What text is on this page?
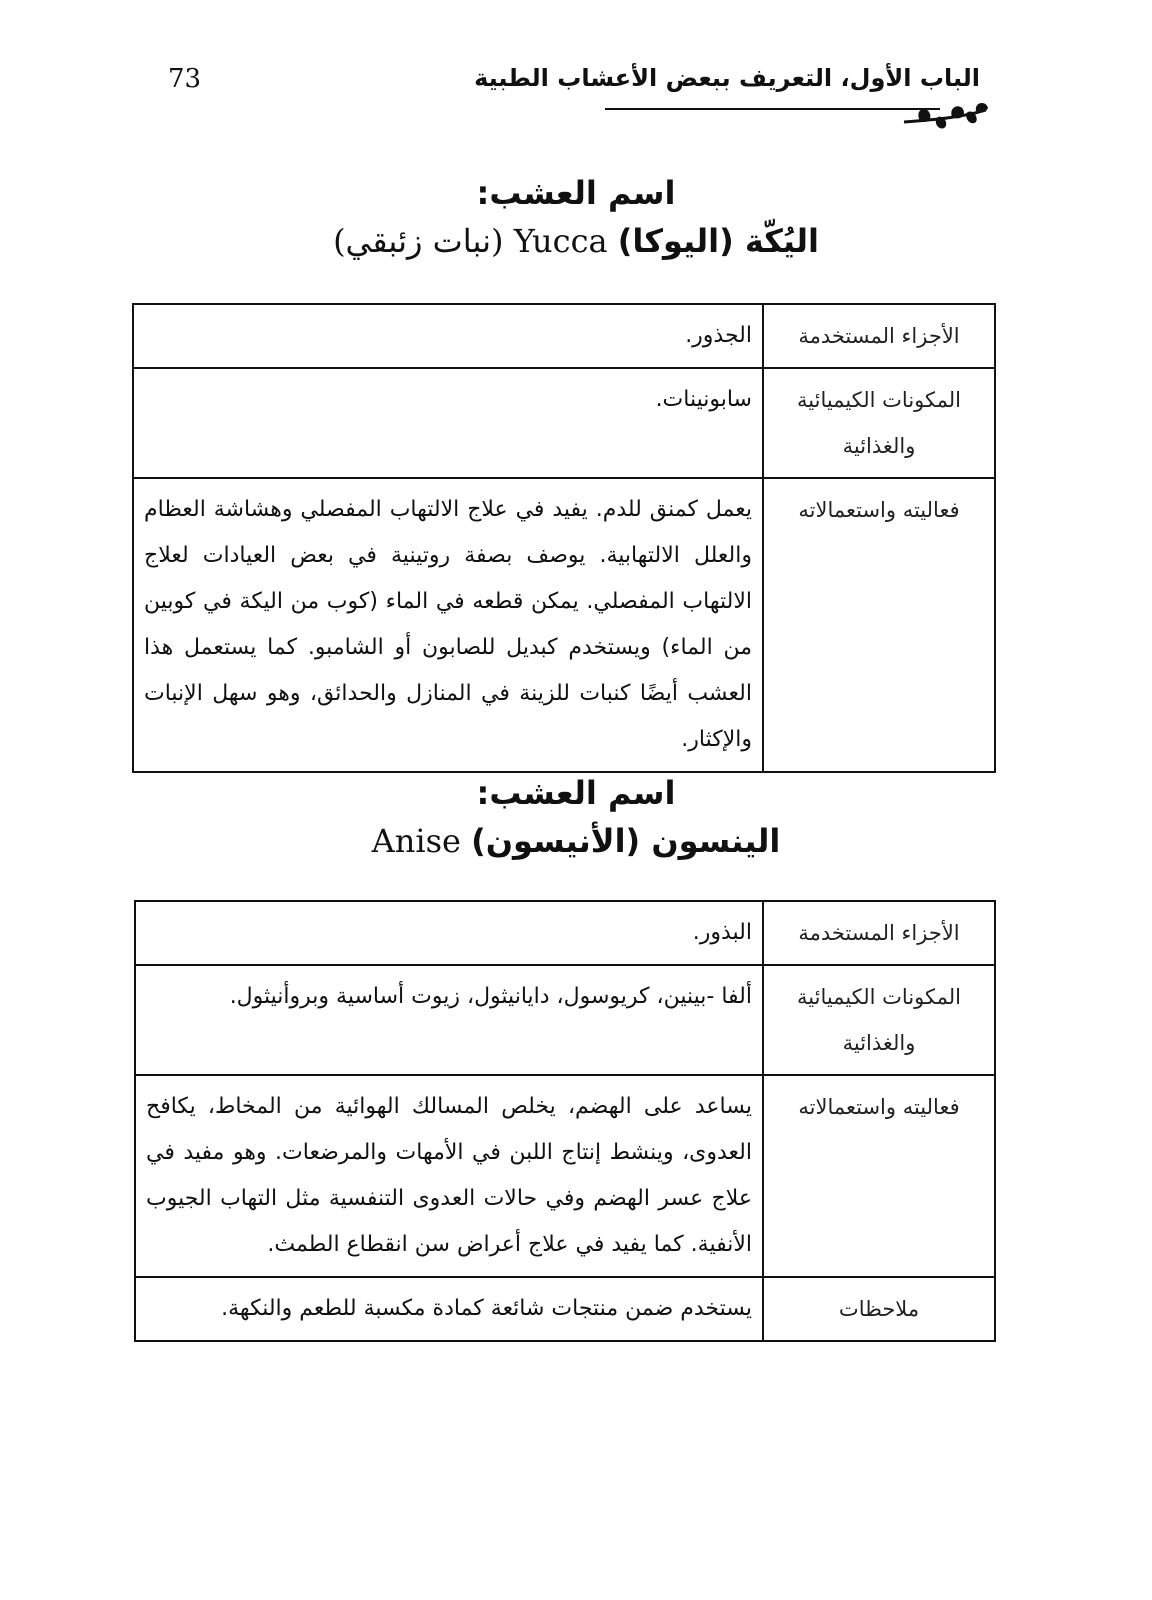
73	الباب الأول، التعريف ببعض الأعشاب الطبية
اسم العشب:
اليُكّة (اليوكا) Yucca (نبات زئبقي)
الأجزاء المستخدمة	الجذور.
المكونات الكيميائية والغذائية	سابونينات.
فعاليته واستعمالاته	يعمل كمنق للدم. يفيد في علاج الالتهاب المفصلي وهشاشة العظام والعلل الالتهابية. يوصف بصفة روتينية في بعض العيادات لعلاج الالتهاب المفصلي. يمكن قطعه في الماء (كوب من اليكة في كوبين من الماء) ويستخدم كبديل للصابون أو الشامبو. كما يستعمل هذا العشب أيضًا كنبات للزينة في المنازل والحدائق، وهو سهل الإنبات والإكثار.
اسم العشب:
الينسون (الأنيسون) Anise
الأجزاء المستخدمة	البذور.
المكونات الكيميائية والغذائية	ألفا -بينين، كريوسول، دايانيثول، زيوت أساسية وبروأنيثول.
فعاليته واستعمالاته	يساعد على الهضم، يخلص المسالك الهوائية من المخاط، يكافح العدوى، وينشط إنتاج اللبن في الأمهات والمرضعات. وهو مفيد في علاج عسر الهضم وفي حالات العدوى التنفسية مثل التهاب الجيوب الأنفية. كما يفيد في علاج أعراض سن انقطاع الطمث.
ملاحظات	يستخدم ضمن منتجات شائعة كمادة مكسبة للطعم والنكهة.
